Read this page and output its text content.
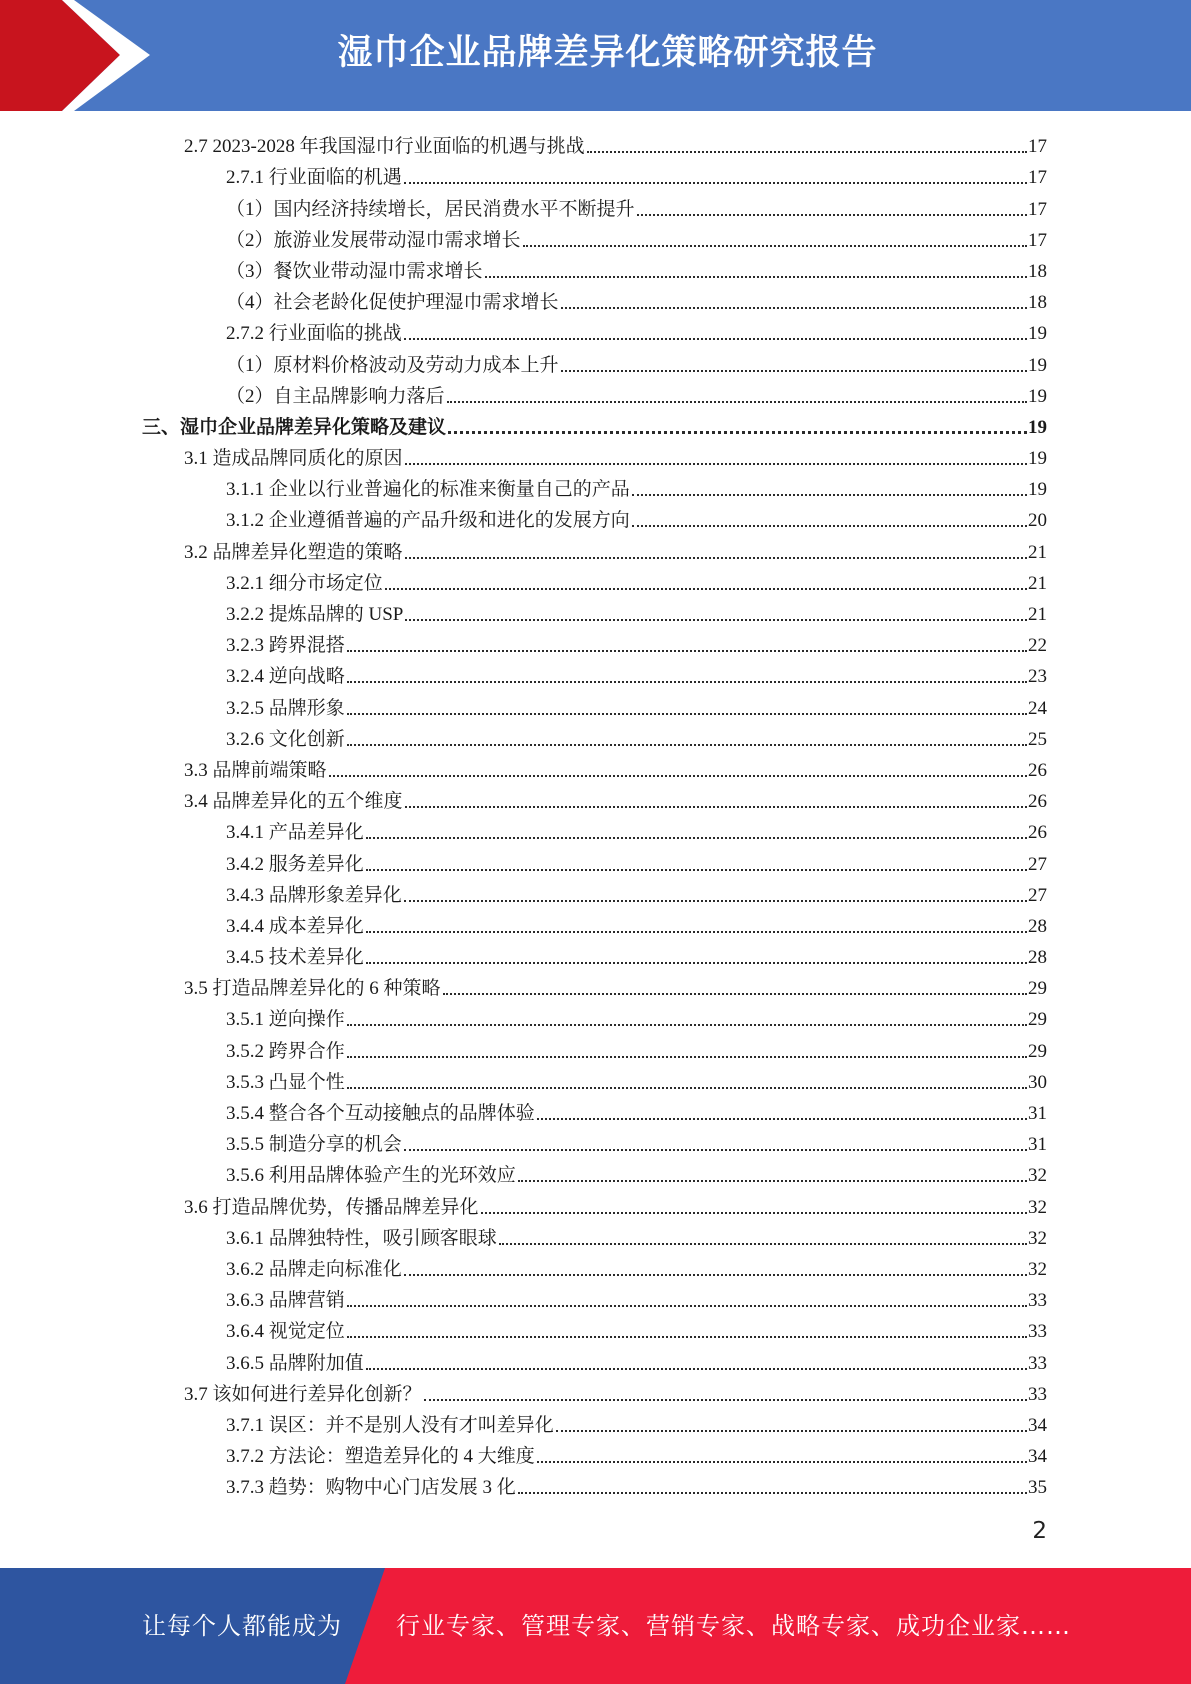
湿巾企业品牌差异化策略研究报告
2.7 2023-2028 年我国湿巾行业面临的机遇与挑战	17
2.7.1 行业面临的机遇	17
（1）国内经济持续增长，居民消费水平不断提升	17
（2）旅游业发展带动湿巾需求增长	17
（3）餐饮业带动湿巾需求增长	18
（4）社会老龄化促使护理湿巾需求增长	18
2.7.2 行业面临的挑战	19
（1）原材料价格波动及劳动力成本上升	19
（2）自主品牌影响力落后	19
三、湿巾企业品牌差异化策略及建议	19
3.1 造成品牌同质化的原因	19
3.1.1 企业以行业普遍化的标准来衡量自己的产品	19
3.1.2 企业遵循普遍的产品升级和进化的发展方向	20
3.2 品牌差异化塑造的策略	21
3.2.1 细分市场定位	21
3.2.2 提炼品牌的 USP	21
3.2.3 跨界混搭	22
3.2.4 逆向战略	23
3.2.5 品牌形象	24
3.2.6 文化创新	25
3.3 品牌前端策略	26
3.4 品牌差异化的五个维度	26
3.4.1 产品差异化	26
3.4.2 服务差异化	27
3.4.3 品牌形象差异化	27
3.4.4 成本差异化	28
3.4.5 技术差异化	28
3.5 打造品牌差异化的 6 种策略	29
3.5.1 逆向操作	29
3.5.2 跨界合作	29
3.5.3 凸显个性	30
3.5.4 整合各个互动接触点的品牌体验	31
3.5.5 制造分享的机会	31
3.5.6 利用品牌体验产生的光环效应	32
3.6 打造品牌优势，传播品牌差异化	32
3.6.1 品牌独特性，吸引顾客眼球	32
3.6.2 品牌走向标准化	32
3.6.3 品牌营销	33
3.6.4 视觉定位	33
3.6.5 品牌附加值	33
3.7 该如何进行差异化创新？	33
3.7.1 误区：并不是别人没有才叫差异化	34
3.7.2 方法论：塑造差异化的 4 大维度	34
3.7.3 趋势：购物中心门店发展 3 化	35
2
让每个人都能成为 行业专家、管理专家、营销专家、战略专家、成功企业家……
